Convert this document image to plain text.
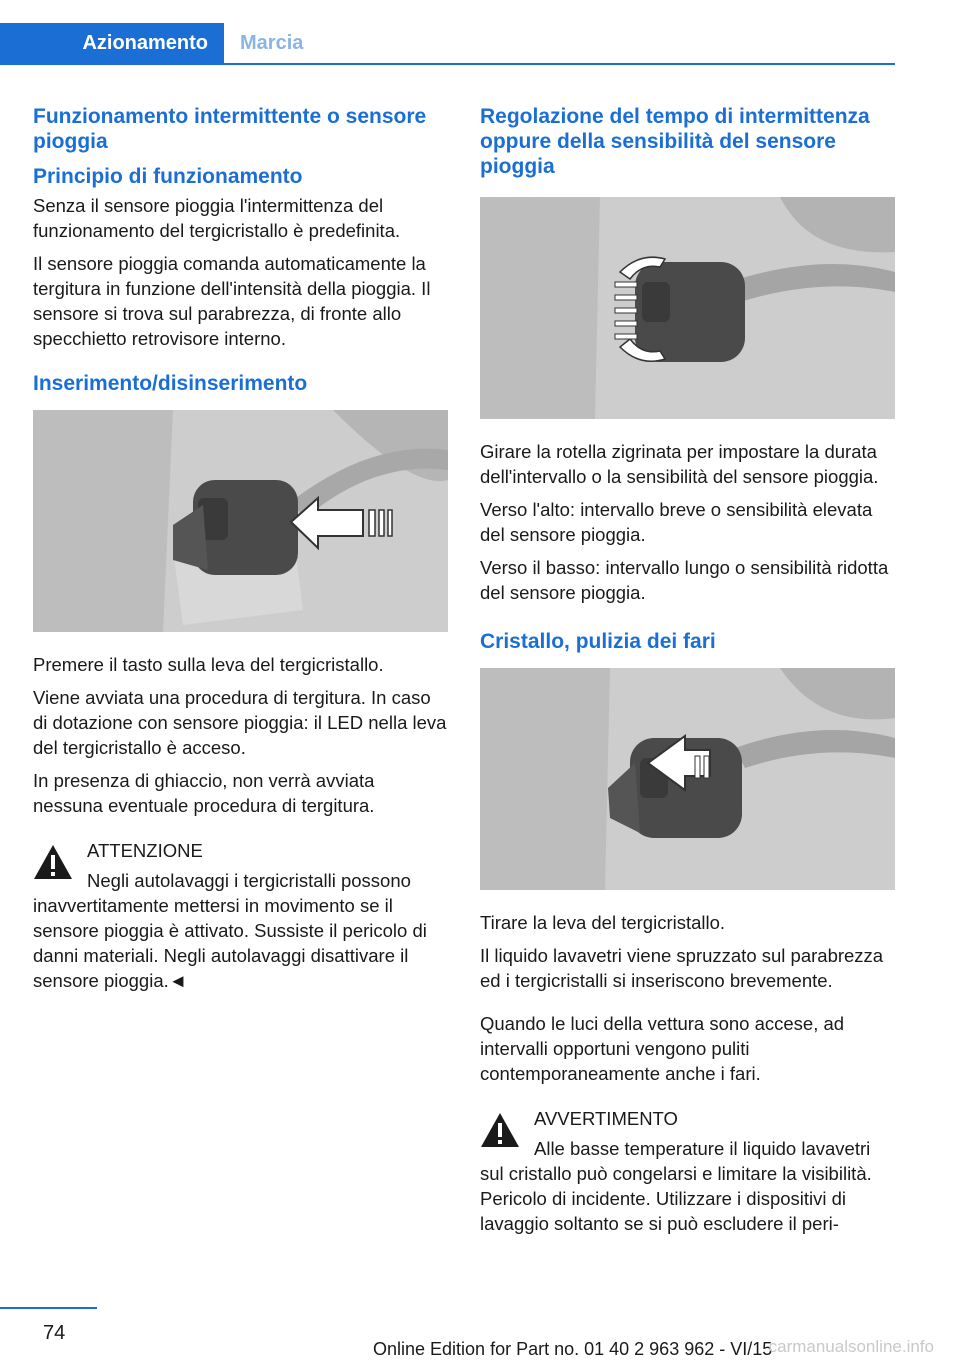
Azionamento	Marcia
Funzionamento intermittente o sensore pioggia
Principio di funzionamento

Senza il sensore pioggia l'intermittenza del funzionamento del tergicristallo è predefinita.

Il sensore pioggia comanda automaticamente la tergitura in funzione dell'intensità della pioggia. Il sensore si trova sul parabrezza, di fronte allo specchietto retrovisore interno.

Inserimento/disinserimento

Premere il tasto sulla leva del tergicristallo.

Viene avviata una procedura di tergitura. In caso di dotazione con sensore pioggia: il LED nella leva del tergicristallo è acceso.

In presenza di ghiaccio, non verrà avviata nessuna eventuale procedura di tergitura.

ATTENZIONE
Negli autolavaggi i tergicristalli possono inavvertitamente mettersi in movimento se il sensore pioggia è attivato. Sussiste il pericolo di danni materiali. Negli autolavaggi disattivare il sensore pioggia.◄
Regolazione del tempo di intermittenza oppure della sensibilità del sensore pioggia

Girare la rotella zigrinata per impostare la durata dell'intervallo o la sensibilità del sensore pioggia.

Verso l'alto: intervallo breve o sensibilità elevata del sensore pioggia.

Verso il basso: intervallo lungo o sensibilità ridotta del sensore pioggia.

Cristallo, pulizia dei fari

Tirare la leva del tergicristallo.

Il liquido lavavetri viene spruzzato sul parabrezza ed i tergicristalli si inseriscono brevemente.

Quando le luci della vettura sono accese, ad intervalli opportuni vengono puliti contemporaneamente anche i fari.

AVVERTIMENTO
Alle basse temperature il liquido lavavetri sul cristallo può congelarsi e limitare la visibilità. Pericolo di incidente. Utilizzare i dispositivi di lavaggio soltanto se si può escludere il peri-
74
Online Edition for Part no. 01 40 2 963 962 - VI/15
carmanualsonline.info
